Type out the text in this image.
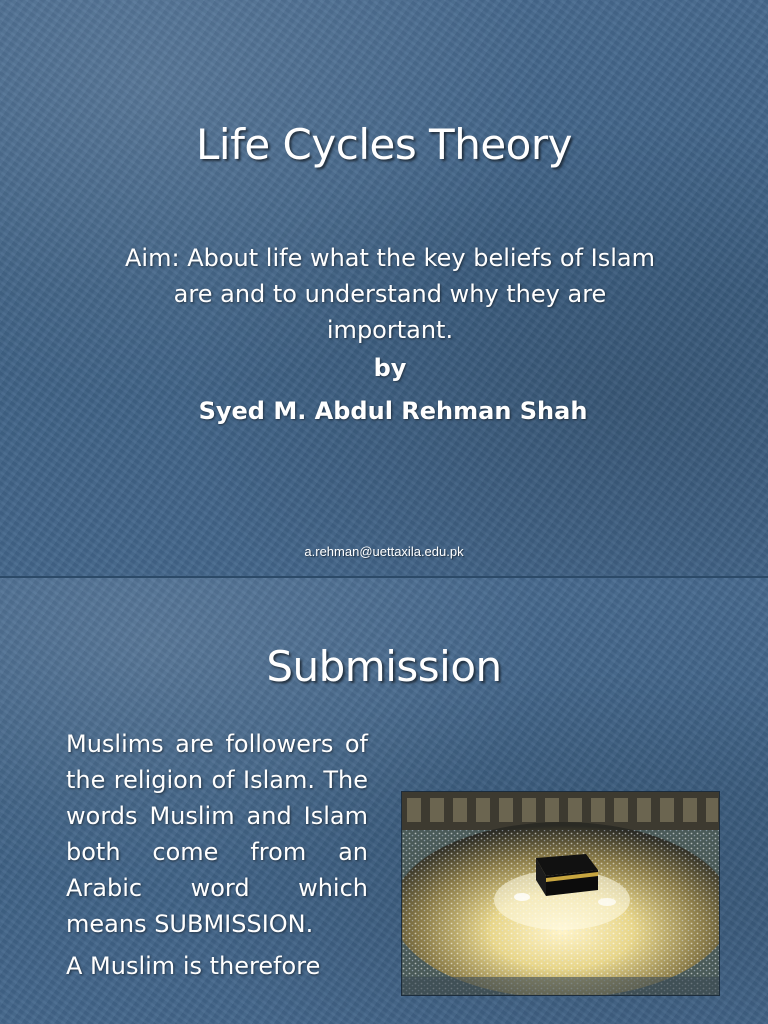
Life Cycles Theory
Aim: About life what the key beliefs of Islam are and to understand why they are important.
by
Syed M. Abdul Rehman Shah
a.rehman@uettaxila.edu.pk
Submission

Muslims are followers of the religion of Islam. The words Muslim and Islam both come from an Arabic word which means SUBMISSION.

A Muslim is therefore
